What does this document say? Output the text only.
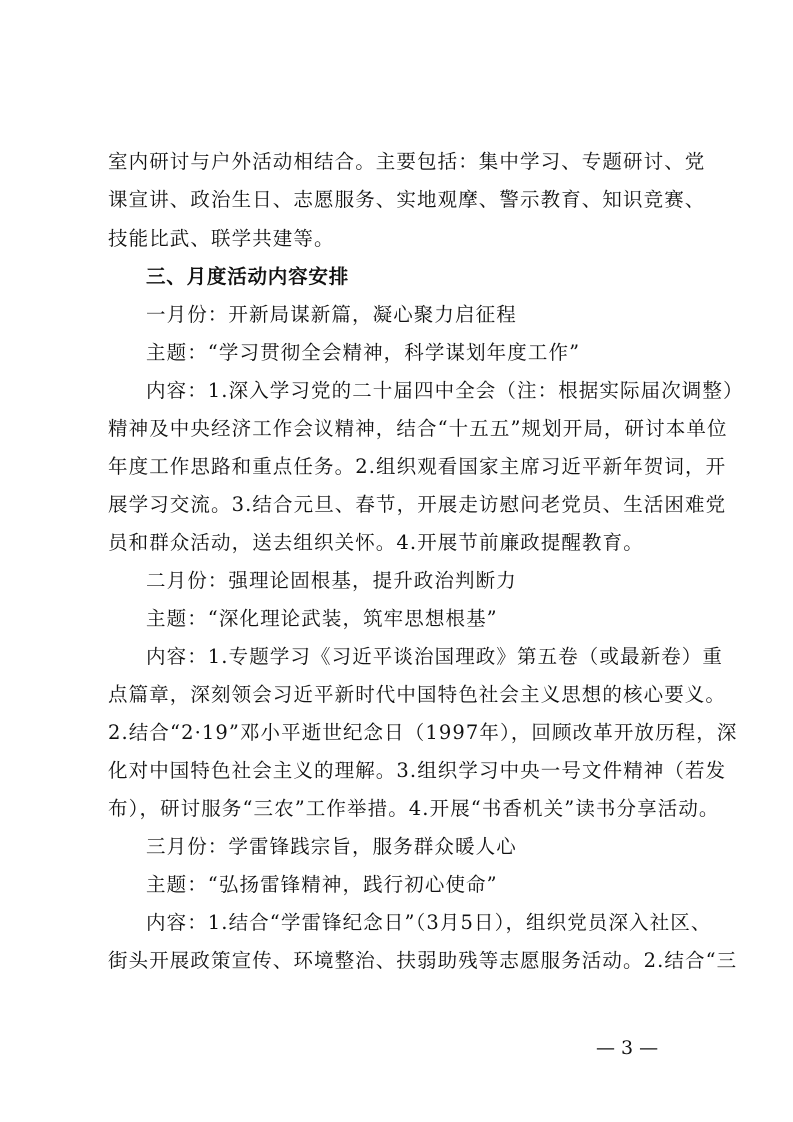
室内研讨与户外活动相结合。主要包括：集中学习、专题研讨、党
课宣讲、政治生日、志愿服务、实地观摩、警示教育、知识竞赛、
技能比武、联学共建等。
三、月度活动内容安排
一月份：开新局谋新篇，凝心聚力启征程
主题：“学习贯彻全会精神，科学谋划年度工作”
内容：1.深入学习党的二十届四中全会（注：根据实际届次调整）
精神及中央经济工作会议精神，结合“十五五”规划开局，研讨本单位
年度工作思路和重点任务。2.组织观看国家主席习近平新年贺词，开
展学习交流。3.结合元旦、春节，开展走访慰问老党员、生活困难党
员和群众活动，送去组织关怀。4.开展节前廉政提醒教育。
二月份：强理论固根基，提升政治判断力
主题：“深化理论武装，筑牢思想根基”
内容：1.专题学习《习近平谈治国理政》第五卷（或最新卷）重
点篇章，深刻领会习近平新时代中国特色社会主义思想的核心要义。
2.结合“2·19”邓小平逝世纪念日（1997年），回顾改革开放历程，深
化对中国特色社会主义的理解。3.组织学习中央一号文件精神（若发
布），研讨服务“三农”工作举措。4.开展“书香机关”读书分享活动。
三月份：学雷锋践宗旨，服务群众暖人心
主题：“弘扬雷锋精神，践行初心使命”
内容：1.结合“学雷锋纪念日”（3月5日），组织党员深入社区、
街头开展政策宣传、环境整治、扶弱助残等志愿服务活动。2.结合“三
— 3 —
